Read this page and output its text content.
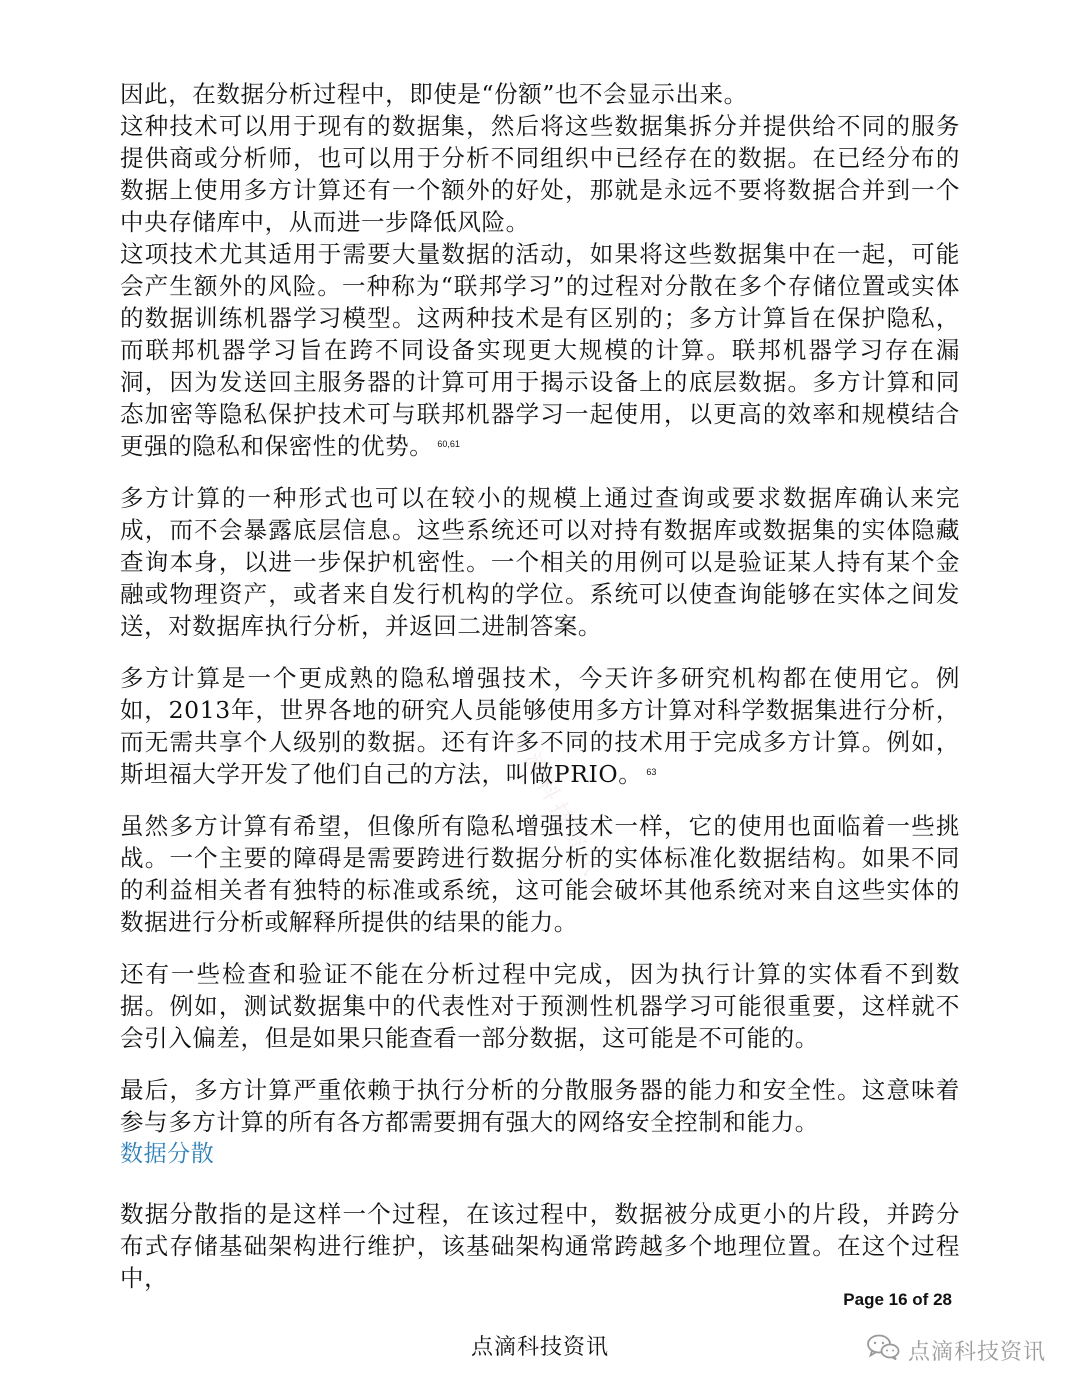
点滴科技资讯

因此，在数据分析过程中，即使是“份额”也不会显示出来。

这种技术可以用于现有的数据集，然后将这些数据集拆分并提供给不同的服务提供商或分析师，也可以用于分析不同组织中已经存在的数据。在已经分布的数据上使用多方计算还有一个额外的好处，那就是永远不要将数据合并到一个中央存储库中，从而进一步降低风险。

这项技术尤其适用于需要大量数据的活动，如果将这些数据集中在一起，可能会产生额外的风险。一种称为“联邦学习”的过程对分散在多个存储位置或实体的数据训练机器学习模型。这两种技术是有区别的；多方计算旨在保护隐私，而联邦机器学习旨在跨不同设备实现更大规模的计算。联邦机器学习存在漏洞，因为发送回主服务器的计算可用于揭示设备上的底层数据。多方计算和同态加密等隐私保护技术可与联邦机器学习一起使用，以更高的效率和规模结合更强的隐私和保密性的优势。 $^{60,61}$

多方计算的一种形式也可以在较小的规模上通过查询或要求数据库确认来完成，而不会暴露底层信息。这些系统还可以对持有数据库或数据集的实体隐藏查询本身，以进一步保护机密性。一个相关的用例可以是验证某人持有某个金融或物理资产，或者来自发行机构的学位。系统可以使查询能够在实体之间发送，对数据库执行分析，并返回二进制答案。

多方计算是一个更成熟的隐私增强技术，今天许多研究机构都在使用它。例如，2013年，世界各地的研究人员能够使用多方计算对科学数据集进行分析，而无需共享个人级别的数据。还有许多不同的技术用于完成多方计算。例如，斯坦福大学开发了他们自己的方法，叫做PRIO。 $^{63}$

虽然多方计算有希望，但像所有隐私增强技术一样，它的使用也面临着一些挑战。一个主要的障碍是需要跨进行数据分析的实体标准化数据结构。如果不同的利益相关者有独特的标准或系统，这可能会破坏其他系统对来自这些实体的数据进行分析或解释所提供的结果的能力。

还有一些检查和验证不能在分析过程中完成，因为执行计算的实体看不到数据。例如，测试数据集中的代表性对于预测性机器学习可能很重要，这样就不会引入偏差，但是如果只能查看一部分数据，这可能是不可能的。

最后，多方计算严重依赖于执行分析的分散服务器的能力和安全性。这意味着参与多方计算的所有各方都需要拥有强大的网络安全控制和能力。

数据分散

数据分散指的是这样一个过程，在该过程中，数据被分成更小的片段，并跨分布式存储基础架构进行维护，该基础架构通常跨越多个地理位置。在这个过程中，

Page 16 of 28
点滴科技资讯	点滴科技资讯
